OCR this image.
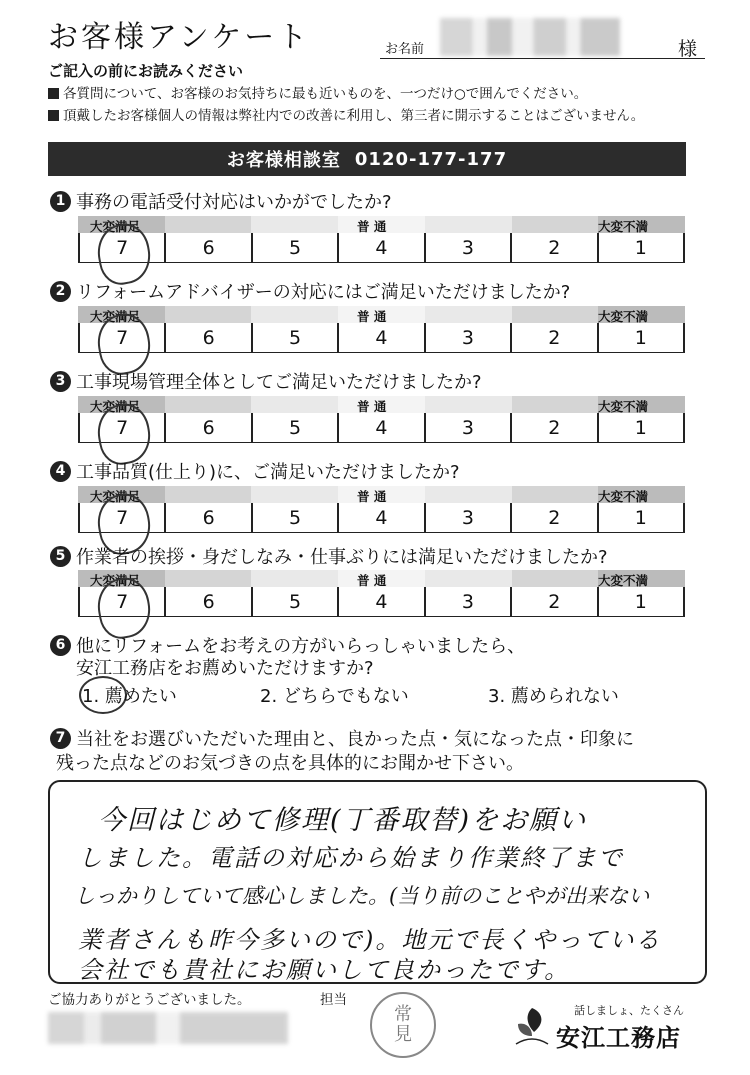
お客様アンケート	お名前	様
ご記入の前にお読みください
各質問について、お客様のお気持ちに最も近いものを、一つだけ○で囲んでください。
頂戴したお客様個人の情報は弊社内での改善に利用し、第三者に開示することはございません。
お客様相談室 0120-177-177
1 事務の電話受付対応はいかがでしたか?
大変満足	普 通	大変不満
7	6	5	4	3	2	1
2 リフォームアドバイザーの対応にはご満足いただけましたか?
大変満足	普 通	大変不満
7	6	5	4	3	2	1
3 工事現場管理全体としてご満足いただけましたか?
大変満足	普 通	大変不満
7	6	5	4	3	2	1
4 工事品質(仕上り)に、ご満足いただけましたか?
大変満足	普 通	大変不満
7	6	5	4	3	2	1
5 作業者の挨拶・身だしなみ・仕事ぶりには満足いただけましたか?
大変満足	普 通	大変不満
7	6	5	4	3	2	1
6 他にリフォームをお考えの方がいらっしゃいましたら、
安江工務店をお薦めいただけますか?
1. 薦めたい	2. どちらでもない	3. 薦められない
7 当社をお選びいただいた理由と、良かった点・気になった点・印象に
残った点などのお気づきの点を具体的にお聞かせ下さい。
今回はじめて修理(丁番取替)をお願い
しました。電話の対応から始まり作業終了まで
しっかりしていて感心しました。(当り前のことやが出来ない
業者さんも昨今多いので)。地元で長くやっている
会社でも貴社にお願いして良かったです。
ご協力ありがとうございました。	担当
常
見
話しましょ、たくさん
安江工務店
